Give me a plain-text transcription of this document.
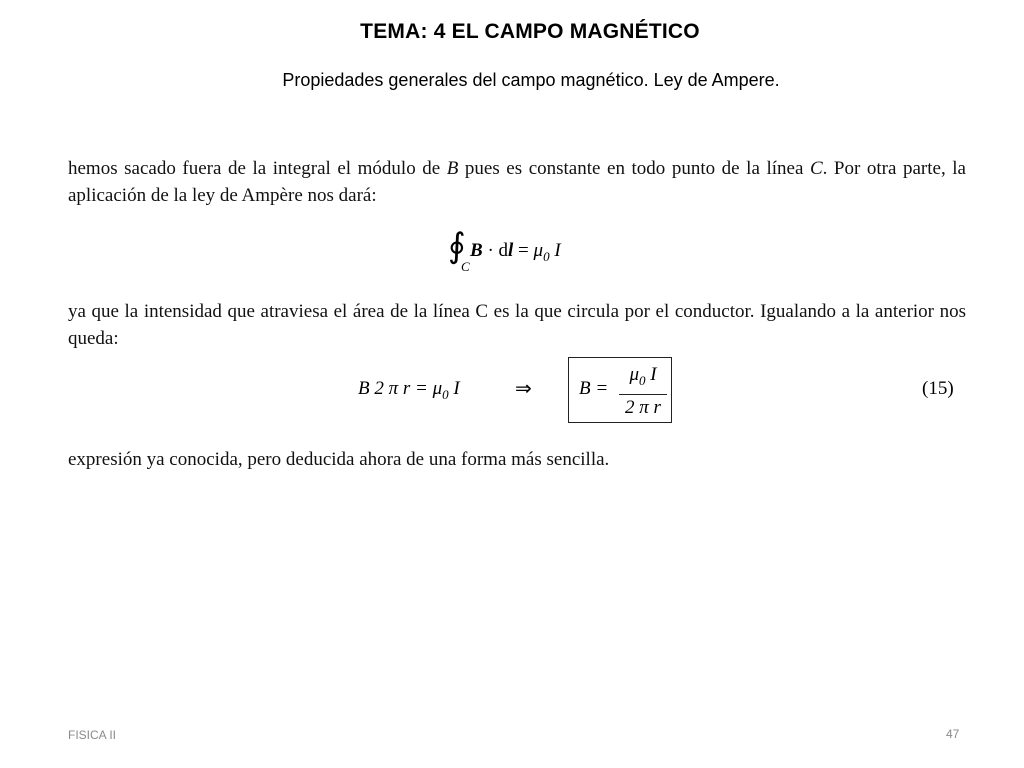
TEMA: 4 EL CAMPO MAGNÉTICO
Propiedades generales del campo magnético. Ley de Ampere.
hemos sacado fuera de la integral el módulo de B pues es constante en todo punto de la línea C. Por otra parte, la aplicación de la ley de Ampère nos dará:
∮
C
B · dl = $\mu_0$ I
ya que la intensidad que atraviesa el área de la línea C es la que circula por el conductor. Igualando a la anterior nos queda:
B 2 π $r = \mu_0$ I	⇒ $B = \frac{\mu_0 I}{\text{2 π r}}$	(15)
expresión ya conocida, pero deducida ahora de una forma más sencilla.
FISICA II	47
